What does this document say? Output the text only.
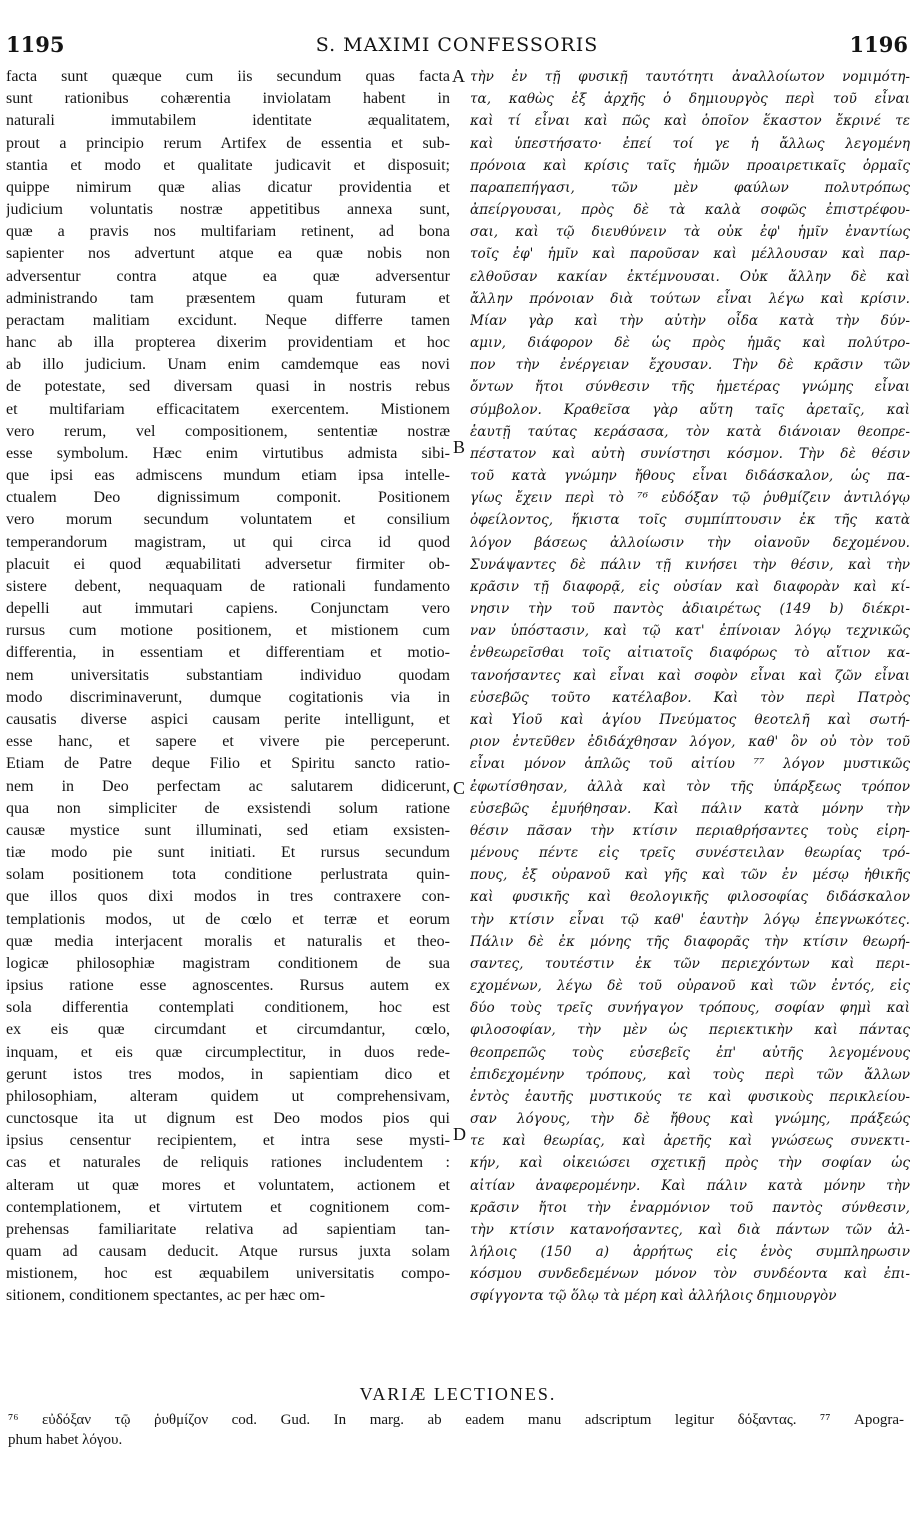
1195	S. MAXIMI CONFESSORIS	1196
facta sunt quæque cum iis secundum quas facta
sunt rationibus cohærentia inviolatam habent in
naturali immutabilem identitate æqualitatem,
prout a principio rerum Artifex de essentia et sub-
stantia et modo et qualitate judicavit et disposuit;
quippe nimirum quæ alias dicatur providentia et
judicium voluntatis nostræ appetitibus annexa sunt,
quæ a pravis nos multifariam retinent, ad bona
sapienter nos advertunt atque ea quæ nobis non
adversentur contra atque ea quæ adversentur
administrando tam præsentem quam futuram et
peractam malitiam excidunt. Neque differre tamen
hanc ab illa propterea dixerim providentiam et hoc
ab illo judicium. Unam enim camdemque eas novi
de potestate, sed diversam quasi in nostris rebus
et multifariam efficacitatem exercentem. Mistionem
vero rerum, vel compositionem, sententiæ nostræ
esse symbolum. Hæc enim virtutibus admista sibi-
que ipsi eas admiscens mundum etiam ipsa intelle-
ctualem Deo dignissimum componit. Positionem
vero morum secundum voluntatem et consilium
temperandorum magistram, ut qui circa id quod
placuit ei quod æquabilitati adversetur firmiter ob-
sistere debent, nequaquam de rationali fundamento
depelli aut immutari capiens. Conjunctam vero
rursus cum motione positionem, et mistionem cum
differentia, in essentiam et differentiam et motio-
nem universitatis substantiam individuo quodam
modo discriminaverunt, dumque cogitationis via in
causatis diverse aspici causam perite intelligunt, et
esse hanc, et sapere et vivere pie perceperunt.
Etiam de Patre deque Filio et Spiritu sancto ratio-
nem in Deo perfectam ac salutarem didicerunt,
qua non simpliciter de exsistendi solum ratione
causæ mystice sunt illuminati, sed etiam exsisten-
tiæ modo pie sunt initiati. Et rursus secundum
solam positionem tota conditione perlustrata quin-
que illos quos dixi modos in tres contraxere con-
templationis modos, ut de cœlo et terræ et eorum
quæ media interjacent moralis et naturalis et theo-
logicæ philosophiæ magistram conditionem de sua
ipsius ratione esse agnoscentes. Rursus autem ex
sola differentia contemplati conditionem, hoc est
ex eis quæ circumdant et circumdantur, cœlo,
inquam, et eis quæ circumplectitur, in duos rede-
gerunt istos tres modos, in sapientiam dico et
philosophiam, alteram quidem ut comprehensivam,
cunctosque ita ut dignum est Deo modos pios qui
ipsius censentur recipientem, et intra sese mysti-
cas et naturales de reliquis rationes includentem :
alteram ut quæ mores et voluntatem, actionem et
contemplationem, et virtutem et cognitionem com-
prehensas familiaritate relativa ad sapientiam tan-
quam ad causam deducit. Atque rursus juxta solam
mistionem, hoc est æquabilem universitatis compo-
sitionem, conditionem spectantes, ac per hæc om-
τὴν ἐν τῇ φυσικῇ ταυτότητι ἀναλλοίωτον νομιμότη-
τα, καθὼς ἐξ ἀρχῆς ὁ δημιουργὸς περὶ τοῦ εἶναι
καὶ τί εἶναι καὶ πῶς καὶ ὁποῖον ἕκαστον ἔκρινέ τε
καὶ ὑπεστήσατο· ἐπεί τοί γε ἡ ἄλλως λεγομένη
πρόνοια καὶ κρίσις ταῖς ἡμῶν προαιρετικαῖς ὁρμαῖς
παραπεπήγασι, τῶν μὲν φαύλων πολυτρόπως
ἀπείργουσαι, πρὸς δὲ τὰ καλὰ σοφῶς ἐπιστρέφου-
σαι, καὶ τῷ διευθύνειν τὰ οὐκ ἐφ' ἡμῖν ἐναντίως
τοῖς ἐφ' ἡμῖν καὶ παροῦσαν καὶ μέλλουσαν καὶ παρ-
ελθοῦσαν κακίαν ἐκτέμνουσαι. Οὐκ ἄλλην δὲ καὶ
ἄλλην πρόνοιαν διὰ τούτων εἶναι λέγω καὶ κρίσιν.
Μίαν γὰρ καὶ τὴν αὐτὴν οἶδα κατὰ τὴν δύν-
αμιν, διάφορον δὲ ὡς πρὸς ἡμᾶς καὶ πολύτρο-
πον τὴν ἐνέργειαν ἔχουσαν. Τὴν δὲ κρᾶσιν τῶν
ὄντων ἤτοι σύνθεσιν τῆς ἡμετέρας γνώμης εἶναι
σύμβολον. Κραθεῖσα γὰρ αὕτη ταῖς ἀρεταῖς, καὶ
ἑαυτῇ ταύτας κεράσασα, τὸν κατὰ διάνοιαν θεοπρε-
πέστατον καὶ αὐτὴ συνίστησι κόσμον. Τὴν δὲ θέσιν
τοῦ κατὰ γνώμην ἤθους εἶναι διδάσκαλον, ὡς πα-
γίως ἔχειν περὶ τὸ ⁷⁶ εὐδόξαν τῷ ῥυθμίζειν ἀντιλόγῳ
ὀφείλοντος, ἥκιστα τοῖς συμπίπτουσιν ἐκ τῆς κατὰ
λόγον βάσεως ἀλλοίωσιν τὴν οἰανοῦν δεχομένου.
Συνάψαντες δὲ πάλιν τῇ κινήσει τὴν θέσιν, καὶ τὴν
κρᾶσιν τῇ διαφορᾷ, εἰς οὐσίαν καὶ διαφορὰν καὶ κί-
νησιν τὴν τοῦ παντὸς ἀδιαιρέτως (149 b) διέκρι-
ναν ὑπόστασιν, καὶ τῷ κατ' ἐπίνοιαν λόγῳ τεχνικῶς
ἐνθεωρεῖσθαι τοῖς αἰτιατοῖς διαφόρως τὸ αἴτιον κα-
τανοήσαντες καὶ εἶναι καὶ σοφὸν εἶναι καὶ ζῶν εἶναι
εὐσεβῶς τοῦτο κατέλαβον. Καὶ τὸν περὶ Πατρὸς
καὶ Υἱοῦ καὶ ἁγίου Πνεύματος θεοτελῆ καὶ σωτή-
ριον ἐντεῦθεν ἐδιδάχθησαν λόγον, καθ' ὃν οὐ τὸν τοῦ
εἶναι μόνον ἁπλῶς τοῦ αἰτίου ⁷⁷ λόγον μυστικῶς
ἐφωτίσθησαν, ἀλλὰ καὶ τὸν τῆς ὑπάρξεως τρόπον
εὐσεβῶς ἐμυήθησαν. Καὶ πάλιν κατὰ μόνην τὴν
θέσιν πᾶσαν τὴν κτίσιν περιαθρήσαντες τοὺς εἰρη-
μένους πέντε εἰς τρεῖς συνέστειλαν θεωρίας τρό-
πους, ἐξ οὐρανοῦ καὶ γῆς καὶ τῶν ἐν μέσῳ ἠθικῆς
καὶ φυσικῆς καὶ θεολογικῆς φιλοσοφίας διδάσκαλον
τὴν κτίσιν εἶναι τῷ καθ' ἑαυτὴν λόγῳ ἐπεγνωκότες.
Πάλιν δὲ ἐκ μόνης τῆς διαφορᾶς τὴν κτίσιν θεωρή-
σαντες, τουτέστιν ἐκ τῶν περιεχόντων καὶ περι-
εχομένων, λέγω δὲ τοῦ οὐρανοῦ καὶ τῶν ἐντός, εἰς
δύο τοὺς τρεῖς συνήγαγον τρόπους, σοφίαν φημὶ καὶ
φιλοσοφίαν, τὴν μὲν ὡς περιεκτικὴν καὶ πάντας
θεοπρεπῶς τοὺς εὐσεβεῖς ἐπ' αὐτῆς λεγομένους
ἐπιδεχομένην τρόπους, καὶ τοὺς περὶ τῶν ἄλλων
ἐντὸς ἑαυτῆς μυστικούς τε καὶ φυσικοὺς περικλείου-
σαν λόγους, τὴν δὲ ἤθους καὶ γνώμης, πράξεώς
τε καὶ θεωρίας, καὶ ἀρετῆς καὶ γνώσεως συνεκτι-
κήν, καὶ οἰκειώσει σχετικῇ πρὸς τὴν σοφίαν ὡς
αἰτίαν ἀναφερομένην. Καὶ πάλιν κατὰ μόνην τὴν
κρᾶσιν ἤτοι τὴν ἐναρμόνιον τοῦ παντὸς σύνθεσιν,
τὴν κτίσιν κατανοήσαντες, καὶ διὰ πάντων τῶν ἀλ-
λήλοις (150 a) ἀρρήτως εἰς ἑνὸς συμπληρωσιν
κόσμου συνδεδεμένων μόνον τὸν συνδέοντα καὶ ἐπι-
σφίγγοντα τῷ ὅλῳ τὰ μέρη καὶ ἀλλήλοις δημιουργὸν
A
B
C
D
VARIÆ LECTIONES.
⁷⁶ εὐδόξαν τῷ ῥυθμίζον cod. Gud. In marg. ab eadem manu adscriptum legitur δόξαντας. ⁷⁷ Apogra-
phum habet λόγου.
